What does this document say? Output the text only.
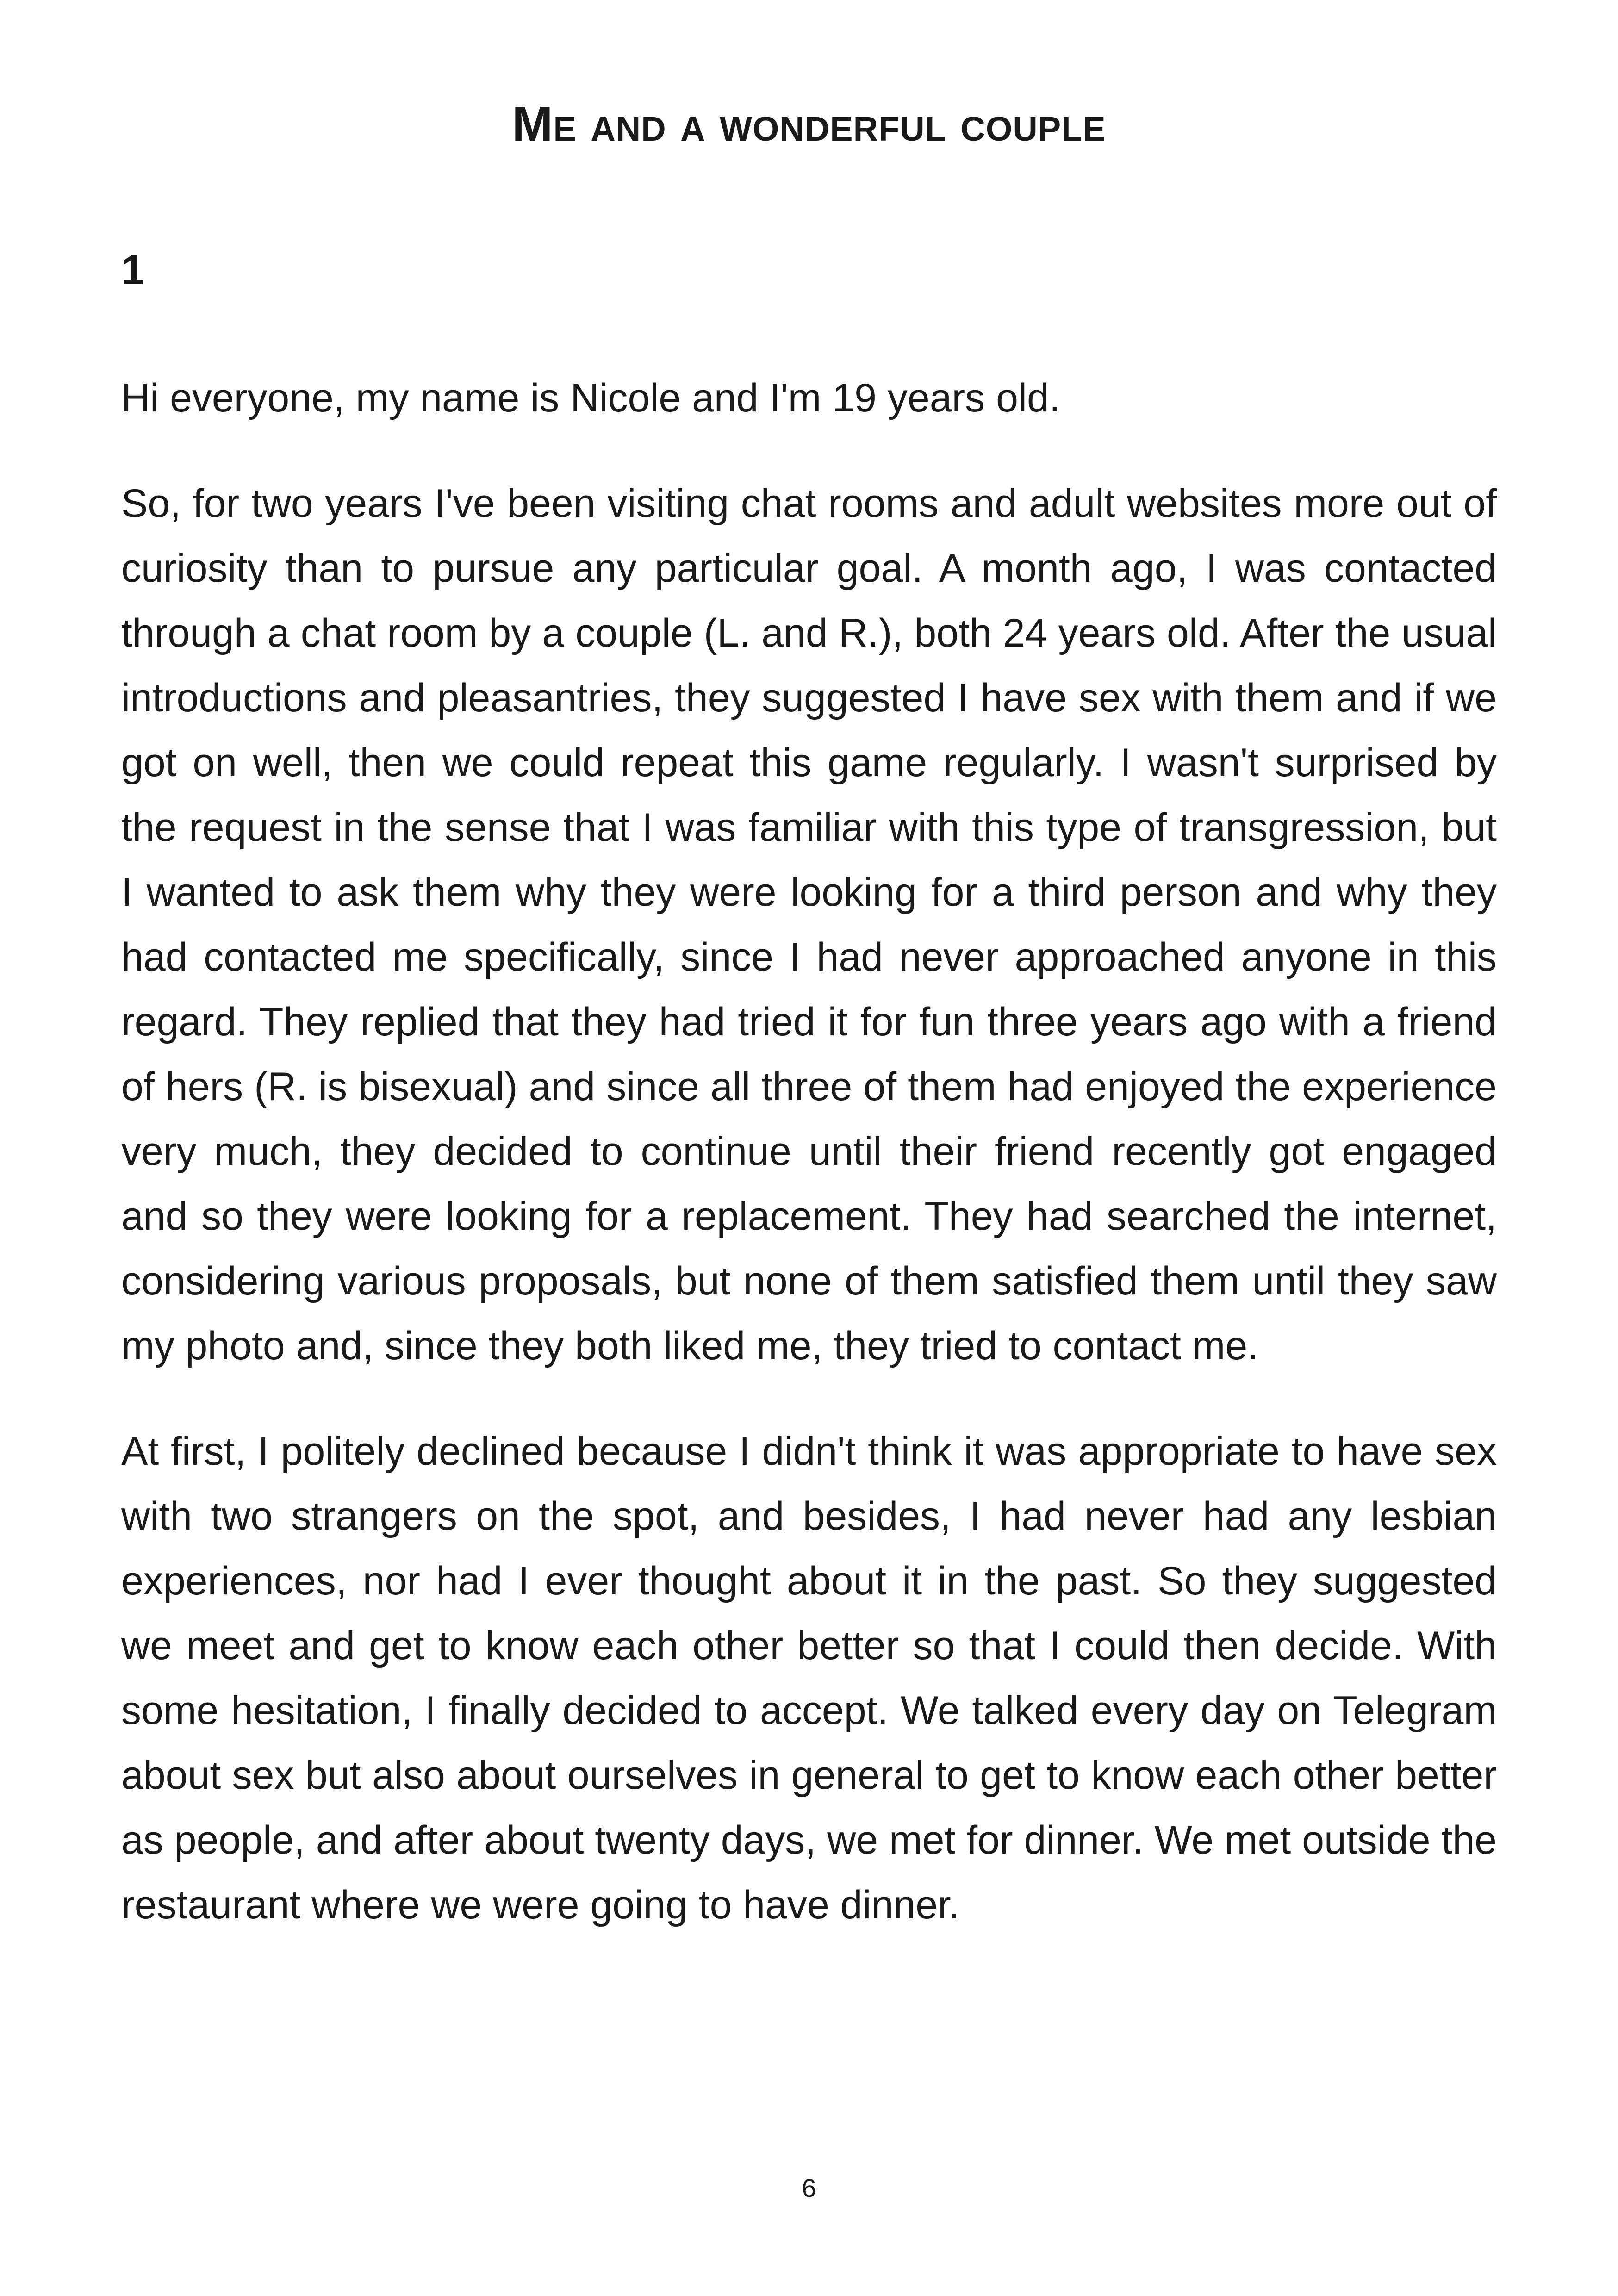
Me and a wonderful couple
1

Hi everyone, my name is Nicole and I'm 19 years old.

So, for two years I've been visiting chat rooms and adult websites more out of curiosity than to pursue any particular goal. A month ago, I was contacted through a chat room by a couple (L. and R.), both 24 years old. After the usual introductions and pleasantries, they suggested I have sex with them and if we got on well, then we could repeat this game regularly. I wasn't surprised by the request in the sense that I was familiar with this type of transgression, but I wanted to ask them why they were looking for a third person and why they had contacted me specifically, since I had never approached anyone in this regard. They replied that they had tried it for fun three years ago with a friend of hers (R. is bisexual) and since all three of them had enjoyed the experience very much, they decided to continue until their friend recently got engaged and so they were looking for a replacement. They had searched the internet, considering various proposals, but none of them satisfied them until they saw my photo and, since they both liked me, they tried to contact me.

At first, I politely declined because I didn't think it was appropriate to have sex with two strangers on the spot, and besides, I had never had any lesbian experiences, nor had I ever thought about it in the past. So they suggested we meet and get to know each other better so that I could then decide. With some hesitation, I finally decided to accept. We talked every day on Telegram about sex but also about ourselves in general to get to know each other better as people, and after about twenty days, we met for dinner. We met outside the restaurant where we were going to have dinner.

6
